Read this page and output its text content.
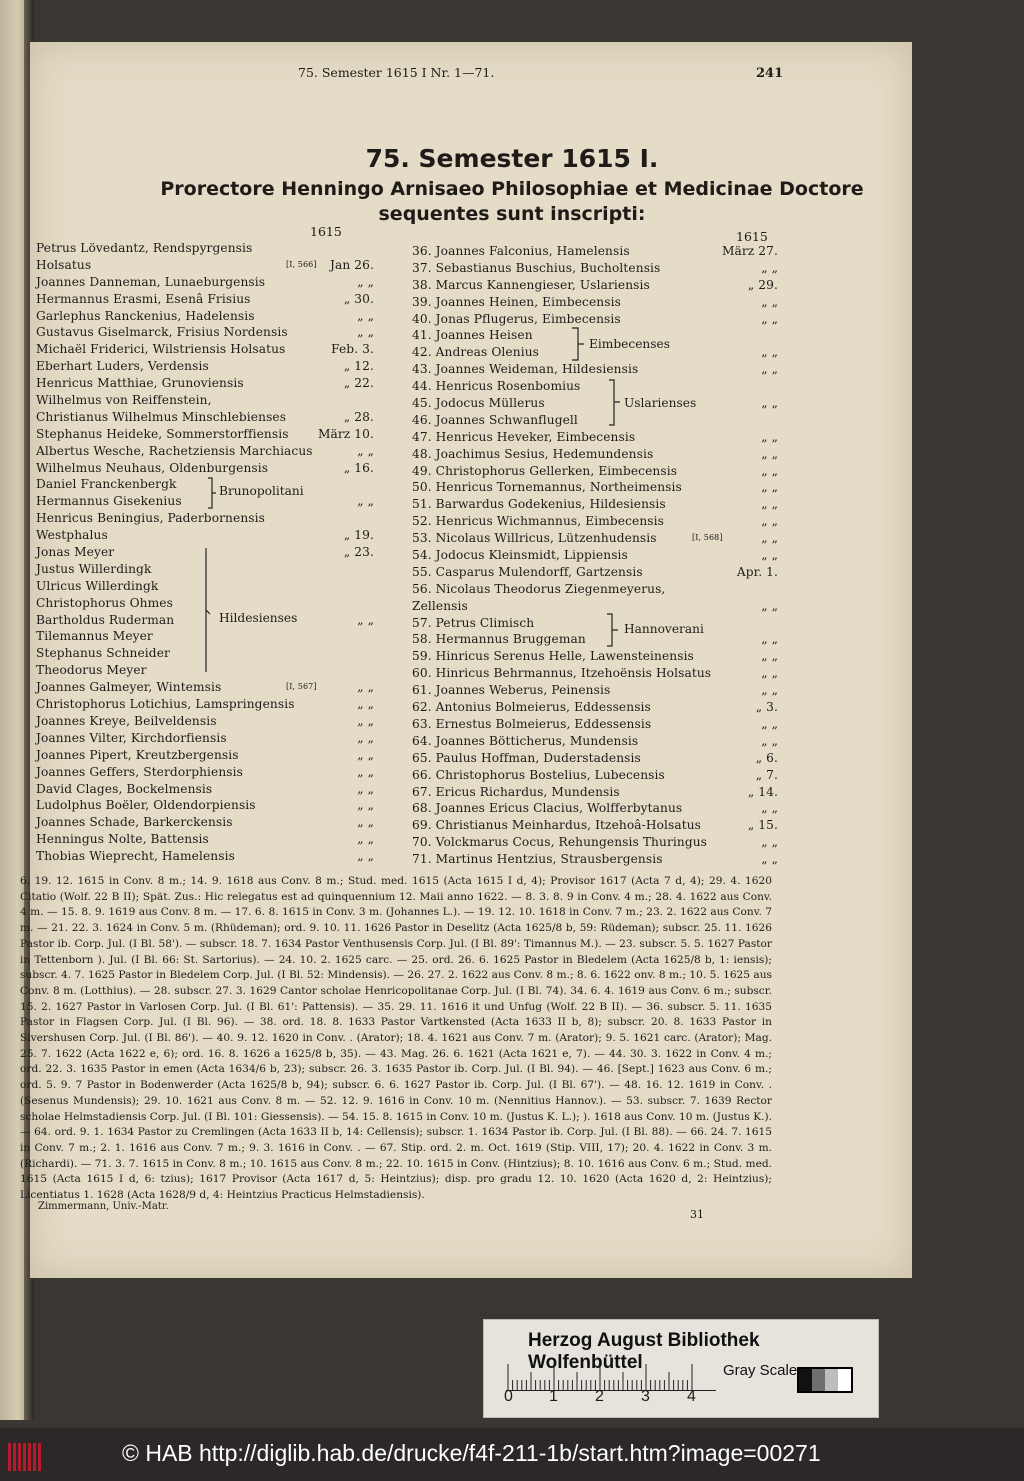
75. Semester 1615 I Nr. 1—71.	241
75. Semester 1615 I.
Prorectore Henningo Arnisaeo Philosophiae et Medicinae Doctore
sequentes sunt inscripti:
1615	1615
Petrus Lövedantz, Rendspyrgensis
Holsatus	[I, 566] Jan 26.
Joannes Danneman, Lunaeburgensis	„ „
Hermannus Erasmi, Esenâ Frisius	„ 30.
Garlephus Ranckenius, Hadelensis	„ „
Gustavus Giselmarck, Frisius Nordensis	„ „
Michaël Friderici, Wilstriensis Holsatus	Feb. 3.
Eberhart Luders, Verdensis	„ 12.
Henricus Matthiae, Grunoviensis	„ 22.
Wilhelmus von Reiffenstein,
Christianus Wilhelmus Minschlebienses	„ 28.
Stephanus Heideke, Sommerstorffiensis März 10.
Albertus Wesche, Rachetziensis Marchiacus	„ „
Wilhelmus Neuhaus, Oldenburgensis	„ 16.
Daniel Franckenbergk
Hermannus Gisekenius	„ „
Henricus Beningius, Paderbornensis
Westphalus	„ 19.
Jonas Meyer	„ 23.
Justus Willerdingk
Ulricus Willerdingk
Christophorus Ohmes
Bartholdus Ruderman	„ „
Tilemannus Meyer
Stephanus Schneider
Theodorus Meyer
Joannes Galmeyer, Wintemsis	[I, 567]	„ „
Christophorus Lotichius, Lamspringensis	„ „
Joannes Kreye, Beilveldensis	„ „
Joannes Vilter, Kirchdorfiensis	„ „
Joannes Pipert, Kreutzbergensis	„ „
Joannes Geffers, Sterdorphiensis	„ „
David Clages, Bockelmensis	„ „
Ludolphus Boëler, Oldendorpiensis	„ „
Joannes Schade, Barkerckensis	„ „
Henningus Nolte, Battensis	„ „
Thobias Wieprecht, Hamelensis	„ „
36. Joannes Falconius, Hamelensis	März 27.
37. Sebastianus Buschius, Bucholtensis	„ „
38. Marcus Kannengieser, Uslariensis	„ 29.
39. Joannes Heinen, Eimbecensis	„ „
40. Jonas Pflugerus, Eimbecensis	„ „
41. Joannes Heisen
42. Andreas Olenius	„ „
43. Joannes Weideman, Hildesiensis	„ „
44. Henricus Rosenbomius
45. Jodocus Müllerus	„ „
46. Joannes Schwanflugell
47. Henricus Heveker, Eimbecensis	„ „
48. Joachimus Sesius, Hedemundensis	„ „
49. Christophorus Gellerken, Eimbecensis	„ „
50. Henricus Tornemannus, Northeimensis	„ „
51. Barwardus Godekenius, Hildesiensis	„ „
52. Henricus Wichmannus, Eimbecensis	„ „
53. Nicolaus Willricus, Lützenhudensis	[I, 568]	„ „
54. Jodocus Kleinsmidt, Lippiensis	„ „
55. Casparus Mulendorff, Gartzensis	Apr. 1.
56. Nicolaus Theodorus Ziegenmeyerus,
Zellensis	„ „
57. Petrus Climisch
58. Hermannus Bruggeman	„ „
59. Hinricus Serenus Helle, Lawensteinensis	„ „
60. Hinricus Behrmannus, Itzehoënsis Holsatus	„ „
61. Joannes Weberus, Peinensis	„ „
62. Antonius Bolmeierus, Eddessensis	„ 3.
63. Ernestus Bolmeierus, Eddessensis	„ „
64. Joannes Bötticherus, Mundensis	„ „
65. Paulus Hoffman, Duderstadensis	„ 6.
66. Christophorus Bostelius, Lubecensis	„ 7.
67. Ericus Richardus, Mundensis	„ 14.
68. Joannes Ericus Clacius, Wolfferbytanus	„ „
69. Christianus Meinhardus, Itzehoâ-Holsatus	„ 15.
70. Volckmarus Cocus, Rehungensis Thuringus	„ „
71. Martinus Hentzius, Strausbergensis	„ „
Brunopolitani
Hildesienses
Eimbecenses
Uslarienses
Hannoverani
6. 19. 12. 1615 in Conv. 8 m.; 14. 9. 1618 aus Conv. 8 m.; Stud. med. 1615 (Acta 1615 I d, 4); Provisor 1617 (Acta 7 d, 4); 29. 4. 1620 Citatio (Wolf. 22 B II); Spät. Zus.: Hic relegatus est ad quinquennium 12. Maii anno 1622. — 8. 3. 8. 9 in Conv. 4 m.; 28. 4. 1622 aus Conv. 4 m. — 15. 8. 9. 1619 aus Conv. 8 m. — 17. 6. 8. 1615 in Conv. 3 m. (Johannes L.). — 19. 12. 10. 1618 in Conv. 7 m.; 23. 2. 1622 aus Conv. 7 m. — 21. 22. 3. 1624 in Conv. 5 m. (Rhüdeman); ord. 9. 10. 11. 1626 Pastor in Deselitz (Acta 1625/8 b, 59: Rüdeman); subscr. 25. 11. 1626 Pastor ib. Corp. Jul. (I Bl. 58'). — subscr. 18. 7. 1634 Pastor Venthusensis Corp. Jul. (I Bl. 89': Timannus M.). — 23. subscr. 5. 5. 1627 Pastor in Tettenborn ). Jul. (I Bl. 66: St. Sartorius). — 24. 10. 2. 1625 carc. — 25. ord. 26. 6. 1625 Pastor in Bledelem (Acta 1625/8 b, 1: iensis); subscr. 4. 7. 1625 Pastor in Bledelem Corp. Jul. (I Bl. 52: Mindensis). — 26. 27. 2. 1622 aus Conv. 8 m.; 8. 6. 1622 onv. 8 m.; 10. 5. 1625 aus Conv. 8 m. (Lotthius). — 28. subscr. 27. 3. 1629 Cantor scholae Henricopolitanae Corp. Jul. (I Bl. 74). 34. 6. 4. 1619 aus Conv. 6 m.; subscr. 15. 2. 1627 Pastor in Varlosen Corp. Jul. (I Bl. 61': Pattensis). — 35. 29. 11. 1616 it und Unfug (Wolf. 22 B II). — 36. subscr. 5. 11. 1635 Pastor in Flagsen Corp. Jul. (I Bl. 96). — 38. ord. 18. 8. 1633 Pastor Vartkensted (Acta 1633 II b, 8); subscr. 20. 8. 1633 Pastor in Sivershusen Corp. Jul. (I Bl. 86'). — 40. 9. 12. 1620 in Conv. . (Arator); 18. 4. 1621 aus Conv. 7 m. (Arator); 9. 5. 1621 carc. (Arator); Mag. 25. 7. 1622 (Acta 1622 e, 6); ord. 16. 8. 1626 a 1625/8 b, 35). — 43. Mag. 26. 6. 1621 (Acta 1621 e, 7). — 44. 30. 3. 1622 in Conv. 4 m.; ord. 22. 3. 1635 Pastor in emen (Acta 1634/6 b, 23); subscr. 26. 3. 1635 Pastor ib. Corp. Jul. (I Bl. 94). — 46. [Sept.] 1623 aus Conv. 6 m.; ord. 5. 9. 7 Pastor in Bodenwerder (Acta 1625/8 b, 94); subscr. 6. 6. 1627 Pastor ib. Corp. Jul. (I Bl. 67'). — 48. 16. 12. 1619 in Conv. . (Sesenus Mundensis); 29. 10. 1621 aus Conv. 8 m. — 52. 12. 9. 1616 in Conv. 10 m. (Nennitius Hannov.). — 53. subscr. 7. 1639 Rector scholae Helmstadiensis Corp. Jul. (I Bl. 101: Giessensis). — 54. 15. 8. 1615 in Conv. 10 m. (Justus K. L.); ). 1618 aus Conv. 10 m. (Justus K.). — 64. ord. 9. 1. 1634 Pastor zu Cremlingen (Acta 1633 II b, 14: Cellensis); subscr. 1. 1634 Pastor ib. Corp. Jul. (I Bl. 88). — 66. 24. 7. 1615 in Conv. 7 m.; 2. 1. 1616 aus Conv. 7 m.; 9. 3. 1616 in Conv. . — 67. Stip. ord. 2. m. Oct. 1619 (Stip. VIII, 17); 20. 4. 1622 in Conv. 3 m. (Richardi). — 71. 3. 7. 1615 in Conv. 8 m.; 10. 1615 aus Conv. 8 m.; 22. 10. 1615 in Conv. (Hintzius); 8. 10. 1616 aus Conv. 6 m.; Stud. med. 1615 (Acta 1615 I d, 6: tzius); 1617 Provisor (Acta 1617 d, 5: Heintzius); disp. pro gradu 12. 10. 1620 (Acta 1620 d, 2: Heintzius); Licentiatus 1. 1628 (Acta 1628/9 d, 4: Heintzius Practicus Helmstadiensis).
Zimmermann, Univ.-Matr.
31
Herzog August Bibliothek Wolfenbüttel
0 1 2 3 4
Gray Scale
© HAB http://diglib.hab.de/drucke/f4f-211-1b/start.htm?image=00271
